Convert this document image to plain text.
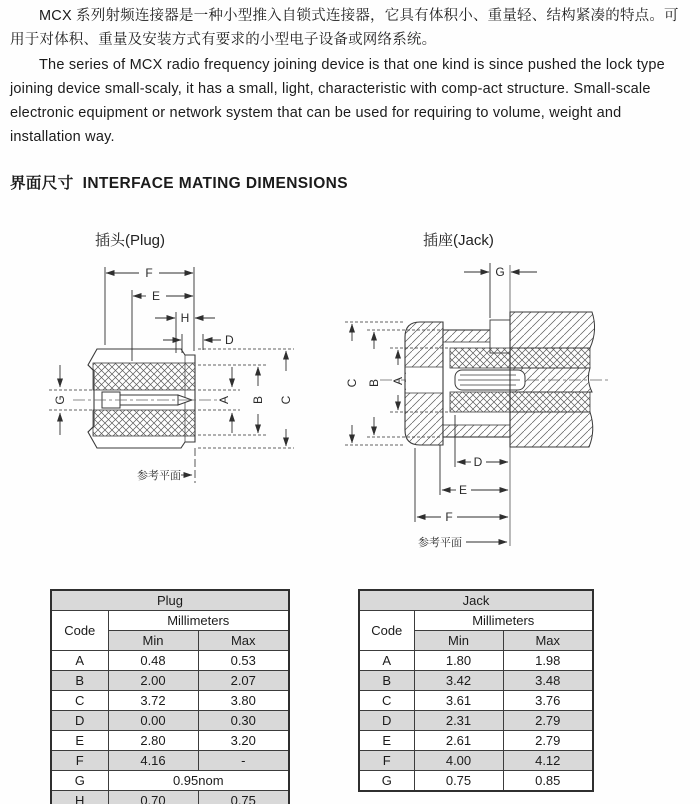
MCX 系列射频连接器是一种小型推入自锁式连接器，它具有体积小、重量轻、结构紧凑的特点。可用于对体积、重量及安装方式有要求的小型电子设备或网络系统。

The series of MCX radio frequency joining device is that one kind is since pushed the lock type joining device small-scaly, it has a small, light, characteristic with comp-act structure. Small-scale electronic equipment or network system that can be used for requiring to volume, weight and installation way.

界面尺寸 INTERFACE MATING DIMENSIONS
插头(Plug)	插座(Jack)
F
E
H
D
G	A B C
参考平面
G
C B A
D
E
F
参考平面
Plug		
Code	Millimeters	
	Min	Max
A	0.48	0.53
B	2.00	2.07
C	3.72	3.80
D	0.00	0.30
E	2.80	3.20
F	4.16	-
G	0.95nom	
H	0.70	0.75
Jack		
Code	Millimeters	
	Min	Max
A	1.80	1.98
B	3.42	3.48
C	3.61	3.76
D	2.31	2.79
E	2.61	2.79
F	4.00	4.12
G	0.75	0.85
